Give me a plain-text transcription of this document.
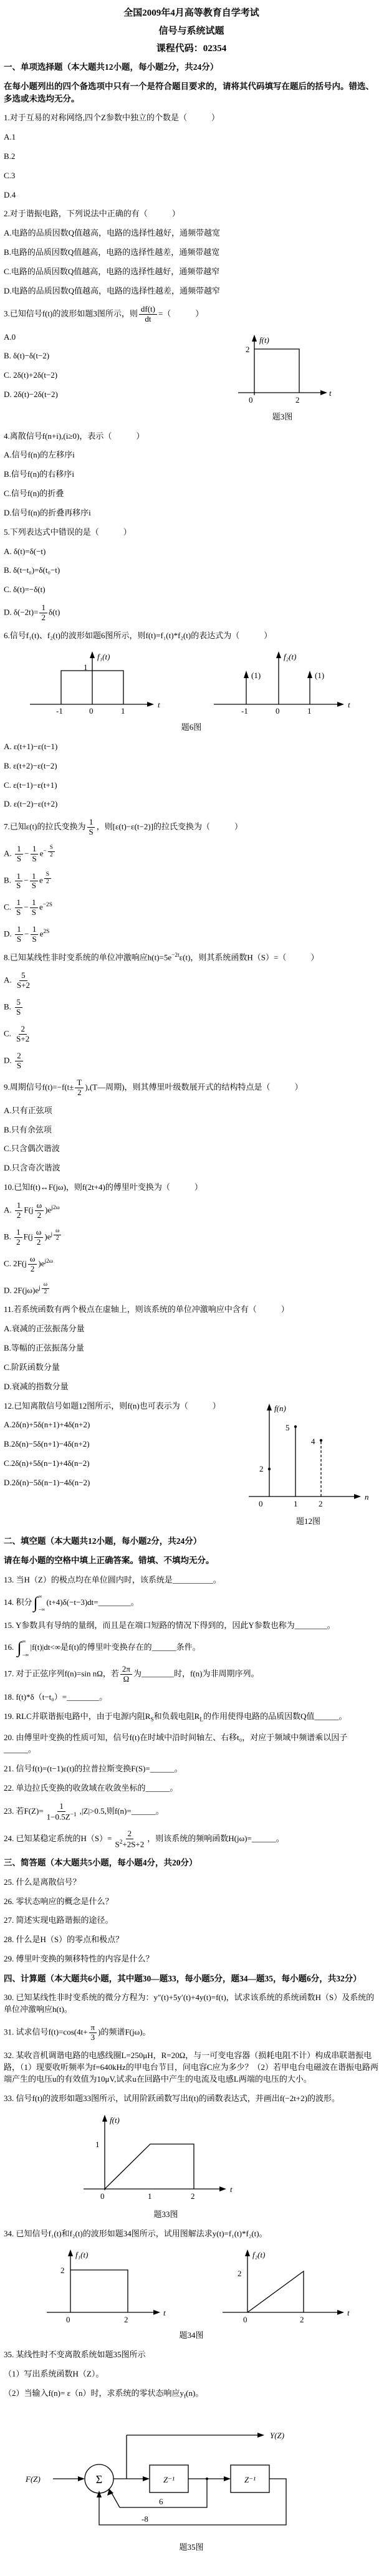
全国2009年4月高等教育自学考试
信号与系统试题
课程代码：02354
一、单项选择题（本大题共12小题，每小题2分，共24分）
在每小题列出的四个备选项中只有一个是符合题目要求的，请将其代码填写在题后的括号内。错选、多选或未选均无分。
1.对于互易的对称网络,四个Z参数中独立的个数是（　　　）
A.1
B.2
C.3
D.4
2.对于谐振电路，下列说法中正确的有（　　　）
A.电路的品质因数Q值越高，电路的选择性越好，通频带越宽
B.电路的品质因数Q值越高，电路的选择性越差，通频带越宽
C.电路的品质因数Q值越高，电路的选择性越好，通频带越窄
D.电路的品质因数Q值越高，电路的选择性越差，通频带越窄
3.已知信号f(t)的波形如题3图所示，则 $\frac{df(t)}{dt}$ =（　　　）
A.0
B. δ(t)−δ(t−2)
C. 2δ(t)+2δ(t−2)
D. 2δ(t)−2δ(t−2)
f(t)
2
t
0	2
题3图
4.离散信号f(n+i),(i≥0)，表示（　　　）
A.信号f(n)的左移序i
B.信号f(n)的右移序i
C.信号f(n)的折叠
D.信号f(n)的折叠再移序i
5.下列表达式中错误的是（　　　）
A. δ(t)=δ(−t)
B. δ(t−t₀)=δ(t₀−t)
C. δ(t)=−δ(t)
D. $\delta(-2t)= \frac{1}{2} \delta(t)$
6.信号f₁(t)、f₂(t)的波形如题6图所示，则f(t)=f₁(t)*f₂(t)的表达式为（　　　）
f₁(t)
1
-1	0	1
t
f₂(t)
(1)	(1)
-1	0	1
t
题6图
A. ε(t+1)−ε(t−1)
B. ε(t+2)−ε(t−2)
C. ε(t−1)−ε(t+1)
D. ε(t−2)−ε(t+2)
7.已知ε(t)的拉氏变换为 $\frac{1}{S}$ ，则[ε(t)−ε(t−2)]的拉氏变换为（　　　）
A. $\frac{1}{S} - \frac{1}{S} e^{- \frac{S}{2}}$
B. $\frac{1}{S} - \frac{1}{S}$ e $^{\frac{S}{2}}$
C. $\frac{1}{S} - \frac{1}{S} e^{-2S}$
D. $\frac{1}{S} - \frac{1}{S} e^{2S}$
8.已知某线性非时变系统的单位冲激响应$h(t)=5e^{-2t}\varepsilon(t)$，则其系统函数H（S）=（　　　）
A. $\frac{5}{S+2}$
B. $\frac{5}{S}$
C. $\frac{2}{S+2}$
D. $\frac{2}{S}$
9.周期信号$f(t)=-f(t\pm \frac{T}{2}$ ),(T—周期)，则其傅里叶级数展开式的结构特点是（　　　）
A.只有正弦项
B.只有余弦项
C.只含偶次谐波
D.只含奇次谐波
10.已知f(t)↔F(jω)，则f(2t+4)的傅里叶变换为（　　　）
A. $\frac{1}{2} F(j \frac{\omega}{2} )e^{j2\omega}$
B. $\frac{1}{2} F(j \frac{\omega}{2} )e^{j \frac{\omega}{2}}$
C. $2F(j \frac{\omega}{2} )e^{j2\omega}$
D. $2F(j\omega)e^{j \frac{\omega}{2}}$
11.若系统函数有两个极点在虚轴上，则该系统的单位冲激响应中含有（　　　）
A.衰减的正弦振荡分量
B.等幅的正弦振荡分量
C.阶跃函数分量
D.衰减的指数分量
12.已知离散信号如题12图所示，则f(n)也可表示为（　　　）
A.2δ(n)+5δ(n+1)+4δ(n+2)
B.2δ(n)−5δ(n+1)−4δ(n+2)
C.2δ(n)+5δ(n−1)+4δ(n−2)
D.2δ(n)−5δ(n−1)−4δ(n−2)
f(n)
n
2
5
4
0	1	2
题12图
二、填空题（本大题共12小题，每小题2分，共24分）
请在每小题的空格中填上正确答案。错填、不填均无分。
13. 当H（Z）的极点均在单位圆内时，该系统是__________。
14. 积分 ∫ ∞
−∞
(t+4)δ(−t−3)dt=________。
15. Y参数具有导纳的量纲，而且是在端口短路的情况下得到的，因此Y参数也称为________。
16. ∫ ∞
−∞
|f(t)|dt<∞是f(t)的傅里叶变换存在的______条件。
17. 对于正弦序列f(n)=sin nΩ，若 $\frac{2\pi}{\Omega}$ 为________时，f(n)为非周期序列。
18. f(t)*δ（t−t₀）=________。
19. RLC并联谐振电路中，由于电源内阻$R_S$和负载电阻$R_L$的作用使得电路的品质因数Q值______。
20. 由傅里叶变换的性质可知，信号f(t)在时域中沿时间轴左、右移t₀，对应于频域中频谱乘以因子______。
21. 信号f(t)=(t−1)ε(t)的拉普拉斯变换F(S)=______。
22. 单边拉氏变换的收敛域在收敛坐标的______。
23. 若$F(Z)= \frac{1}{1-0.5Z^{-1}} ,|Z|>0.5$,则f(n)=______。
24. 已知某稳定系统的$H(S)= \frac{2}{S^2+2S+2}$ ，则该系统的频响函数H(jω)=______。
三、简答题（本大题共5小题，每小题4分，共20分）
25. 什么是离散信号？
26. 零状态响应的概念是什么？
27. 简述实现电路谐振的途径。
28. 什么是H（S）的零点和极点？
29. 傅里叶变换的频移特性的内容是什么？
四、计算题（本大题共6小题，其中题30—题33，每小题5分，题34—题35，每小题6分，共32分）
30. 已知某线性非时变系统的微分方程为：y″(t)+5y′(t)+4y(t)=f(t)，试求该系统的系统函数H（S）及系统的单位冲激响应h(t)。
31. 试求信号$f(t)=\cos(4t+ \frac{\pi}{3}$ )的频谱F(jω)。
32. 某收音机调谐电路的电感线圈L=250μH，R=20Ω，与一可变电容器（损耗电阻不计）构成串联谐振电路，（1）现要收听频率为f=640kHz的甲电台节目，问电容C应为多少？（2）若甲电台电磁波在谐振电路两端产生的电压u的有效值为10μV,试求u在回路中产生的电流及电感L两端的电压的大小。
33. 信号f(t)的波形如题33图所示，试用阶跃函数写出f(t)的函数表达式，并画出f(−2t+2)的波形。
f(t)
1
t
0	1	2
题33图
34. 已知信号f₁(t)和f₂(t)的波形如题34图所示，试用图解法求y(t)=f₁(t)*f₂(t)。
f₁(t)
2
t
0	2
f₂(t)
2
t
0	2
题34图
35. 某线性时不变离散系统如题35图所示
（1）写出系统函数H（Z）。
（2）当输入f(n)= ε（n）时，求系统的零状态响应$y_f(n)$。
F(Z)	Σ
Y(Z)
Z⁻¹
6
Z⁻¹
-8
题35图
